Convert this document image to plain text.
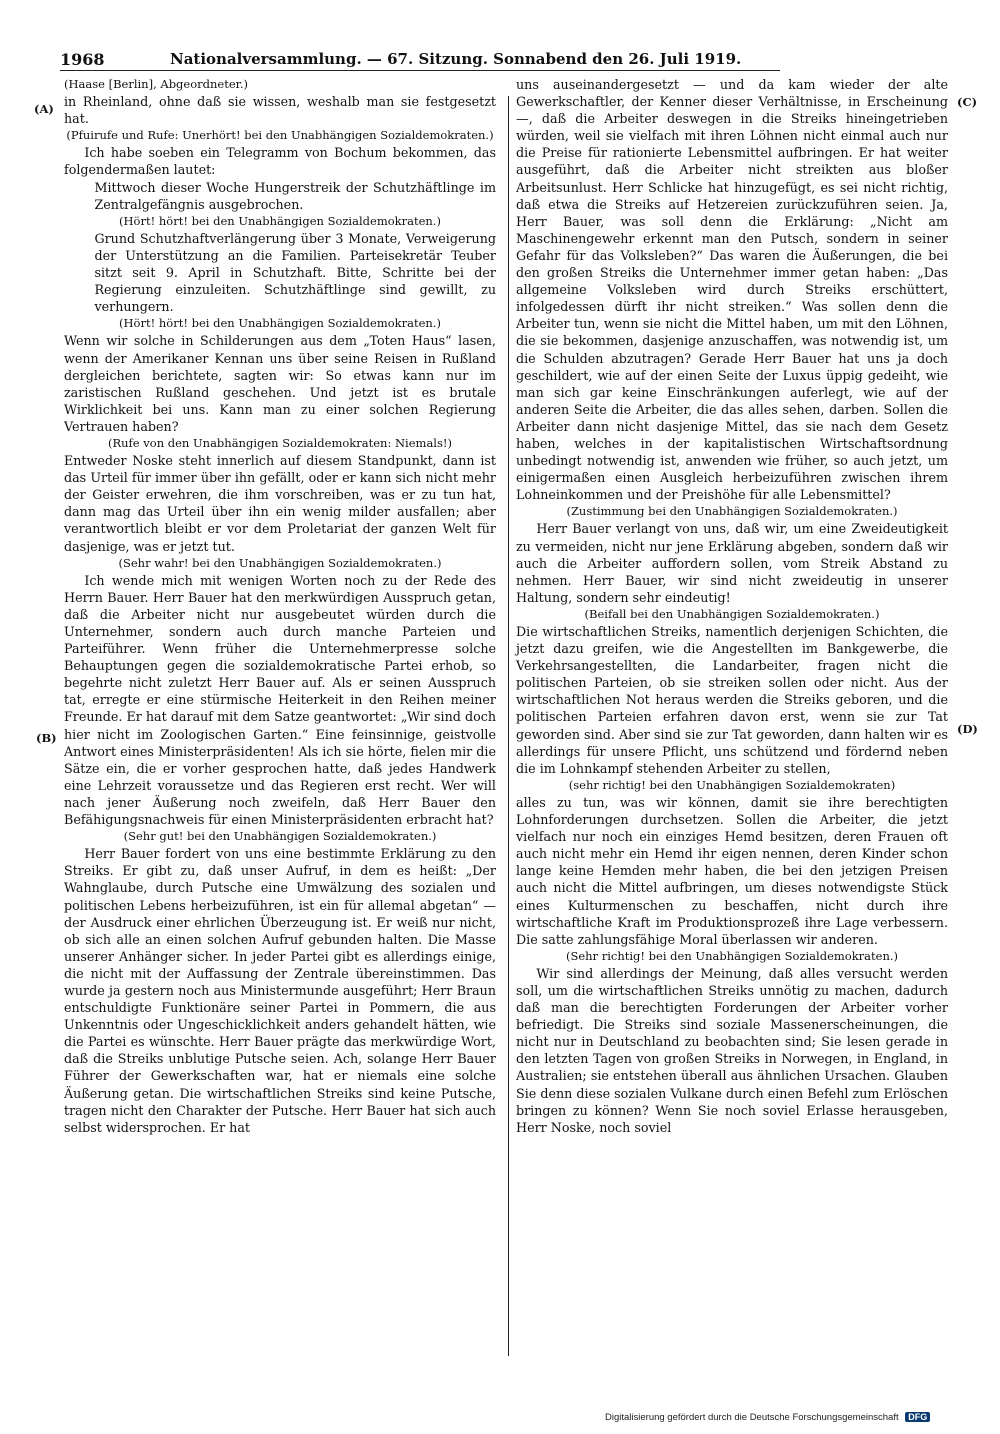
1968	Nationalversammlung. — 67. Sitzung. Sonnabend den 26. Juli 1919.
(A)
(B)
(C)
(D)

(Haase [Berlin], Abgeordneter.)

in Rheinland, ohne daß sie wissen, weshalb man sie festgesetzt hat.

(Pfuirufe und Rufe: Unerhört! bei den Unabhängigen Sozialdemokraten.)

Ich habe soeben ein Telegramm von Bochum bekommen, das folgendermaßen lautet:

Mittwoch dieser Woche Hungerstreik der Schutzhäftlinge im Zentralgefängnis ausgebrochen.

(Hört! hört! bei den Unabhängigen Sozialdemokraten.)

Grund Schutzhaftverlängerung über 3 Monate, Verweigerung der Unterstützung an die Familien. Parteisekretär Teuber sitzt seit 9. April in Schutzhaft. Bitte, Schritte bei der Regierung einzuleiten. Schutzhäftlinge sind gewillt, zu verhungern.

(Hört! hört! bei den Unabhängigen Sozialdemokraten.)

Wenn wir solche in Schilderungen aus dem „Toten Haus“ lasen, wenn der Amerikaner Kennan uns über seine Reisen in Rußland dergleichen berichtete, sagten wir: So etwas kann nur im zaristischen Rußland geschehen. Und jetzt ist es brutale Wirklichkeit bei uns. Kann man zu einer solchen Regierung Vertrauen haben?

(Rufe von den Unabhängigen Sozialdemokraten: Niemals!)

Entweder Noske steht innerlich auf diesem Standpunkt, dann ist das Urteil für immer über ihn gefällt, oder er kann sich nicht mehr der Geister erwehren, die ihm vorschreiben, was er zu tun hat, dann mag das Urteil über ihn ein wenig milder ausfallen; aber verantwortlich bleibt er vor dem Proletariat der ganzen Welt für dasjenige, was er jetzt tut.

(Sehr wahr! bei den Unabhängigen Sozialdemokraten.)

Ich wende mich mit wenigen Worten noch zu der Rede des Herrn Bauer. Herr Bauer hat den merkwürdigen Ausspruch getan, daß die Arbeiter nicht nur ausgebeutet würden durch die Unternehmer, sondern auch durch manche Parteien und Parteiführer. Wenn früher die Unternehmerpresse solche Behauptungen gegen die sozialdemokratische Partei erhob, so begehrte nicht zuletzt Herr Bauer auf. Als er seinen Ausspruch tat, erregte er eine stürmische Heiterkeit in den Reihen meiner Freunde. Er hat darauf mit dem Satze geantwortet: „Wir sind doch hier nicht im Zoologischen Garten.“ Eine feinsinnige, geistvolle Antwort eines Ministerpräsidenten! Als ich sie hörte, fielen mir die Sätze ein, die er vorher gesprochen hatte, daß jedes Handwerk eine Lehrzeit voraussetze und das Regieren erst recht. Wer will nach jener Äußerung noch zweifeln, daß Herr Bauer den Befähigungsnachweis für einen Ministerpräsidenten erbracht hat?

(Sehr gut! bei den Unabhängigen Sozialdemokraten.)

Herr Bauer fordert von uns eine bestimmte Erklärung zu den Streiks. Er gibt zu, daß unser Aufruf, in dem es heißt: „Der Wahnglaube, durch Putsche eine Umwälzung des sozialen und politischen Lebens herbeizuführen, ist ein für allemal abgetan“ — der Ausdruck einer ehrlichen Überzeugung ist. Er weiß nur nicht, ob sich alle an einen solchen Aufruf gebunden halten. Die Masse unserer Anhänger sicher. In jeder Partei gibt es allerdings einige, die nicht mit der Auffassung der Zentrale übereinstimmen. Das wurde ja gestern noch aus Ministermunde ausgeführt; Herr Braun entschuldigte Funktionäre seiner Partei in Pommern, die aus Unkenntnis oder Ungeschicklichkeit anders gehandelt hätten, wie die Partei es wünschte. Herr Bauer prägte das merkwürdige Wort, daß die Streiks unblutige Putsche seien. Ach, solange Herr Bauer Führer der Gewerkschaften war, hat er niemals eine solche Äußerung getan. Die wirtschaftlichen Streiks sind keine Putsche, tragen nicht den Charakter der Putsche. Herr Bauer hat sich auch selbst widersprochen. Er hat

uns auseinandergesetzt — und da kam wieder der alte Gewerkschaftler, der Kenner dieser Verhältnisse, in Erscheinung —, daß die Arbeiter deswegen in die Streiks hineingetrieben würden, weil sie vielfach mit ihren Löhnen nicht einmal auch nur die Preise für rationierte Lebensmittel aufbringen. Er hat weiter ausgeführt, daß die Arbeiter nicht streikten aus bloßer Arbeitsunlust. Herr Schlicke hat hinzugefügt, es sei nicht richtig, daß etwa die Streiks auf Hetzereien zurückzuführen seien. Ja, Herr Bauer, was soll denn die Erklärung: „Nicht am Maschinengewehr erkennt man den Putsch, sondern in seiner Gefahr für das Volksleben?“ Das waren die Äußerungen, die bei den großen Streiks die Unternehmer immer getan haben: „Das allgemeine Volksleben wird durch Streiks erschüttert, infolgedessen dürft ihr nicht streiken.“ Was sollen denn die Arbeiter tun, wenn sie nicht die Mittel haben, um mit den Löhnen, die sie bekommen, dasjenige anzuschaffen, was notwendig ist, um die Schulden abzutragen? Gerade Herr Bauer hat uns ja doch geschildert, wie auf der einen Seite der Luxus üppig gedeiht, wie man sich gar keine Einschränkungen auferlegt, wie auf der anderen Seite die Arbeiter, die das alles sehen, darben. Sollen die Arbeiter dann nicht dasjenige Mittel, das sie nach dem Gesetz haben, welches in der kapitalistischen Wirtschaftsordnung unbedingt notwendig ist, anwenden wie früher, so auch jetzt, um einigermaßen einen Ausgleich herbeizuführen zwischen ihrem Lohneinkommen und der Preishöhe für alle Lebensmittel?

(Zustimmung bei den Unabhängigen Sozialdemokraten.)

Herr Bauer verlangt von uns, daß wir, um eine Zweideutigkeit zu vermeiden, nicht nur jene Erklärung abgeben, sondern daß wir auch die Arbeiter auffordern sollen, vom Streik Abstand zu nehmen. Herr Bauer, wir sind nicht zweideutig in unserer Haltung, sondern sehr eindeutig!

(Beifall bei den Unabhängigen Sozialdemokraten.)

Die wirtschaftlichen Streiks, namentlich derjenigen Schichten, die jetzt dazu greifen, wie die Angestellten im Bankgewerbe, die Verkehrsangestellten, die Landarbeiter, fragen nicht die politischen Parteien, ob sie streiken sollen oder nicht. Aus der wirtschaftlichen Not heraus werden die Streiks geboren, und die politischen Parteien erfahren davon erst, wenn sie zur Tat geworden sind. Aber sind sie zur Tat geworden, dann halten wir es allerdings für unsere Pflicht, uns schützend und fördernd neben die im Lohnkampf stehenden Arbeiter zu stellen,

(sehr richtig! bei den Unabhängigen Sozialdemokraten)

alles zu tun, was wir können, damit sie ihre berechtigten Lohnforderungen durchsetzen. Sollen die Arbeiter, die jetzt vielfach nur noch ein einziges Hemd besitzen, deren Frauen oft auch nicht mehr ein Hemd ihr eigen nennen, deren Kinder schon lange keine Hemden mehr haben, die bei den jetzigen Preisen auch nicht die Mittel aufbringen, um dieses notwendigste Stück eines Kulturmenschen zu beschaffen, nicht durch ihre wirtschaftliche Kraft im Produktionsprozeß ihre Lage verbessern. Die satte zahlungsfähige Moral überlassen wir anderen.

(Sehr richtig! bei den Unabhängigen Sozialdemokraten.)

Wir sind allerdings der Meinung, daß alles versucht werden soll, um die wirtschaftlichen Streiks unnötig zu machen, dadurch daß man die berechtigten Forderungen der Arbeiter vorher befriedigt. Die Streiks sind soziale Massenerscheinungen, die nicht nur in Deutschland zu beobachten sind; Sie lesen gerade in den letzten Tagen von großen Streiks in Norwegen, in England, in Australien; sie entstehen überall aus ähnlichen Ursachen. Glauben Sie denn diese sozialen Vulkane durch einen Befehl zum Erlöschen bringen zu können? Wenn Sie noch soviel Erlasse herausgeben, Herr Noske, noch soviel

Digitalisierung gefördert durch die Deutsche Forschungsgemeinschaft DFG
